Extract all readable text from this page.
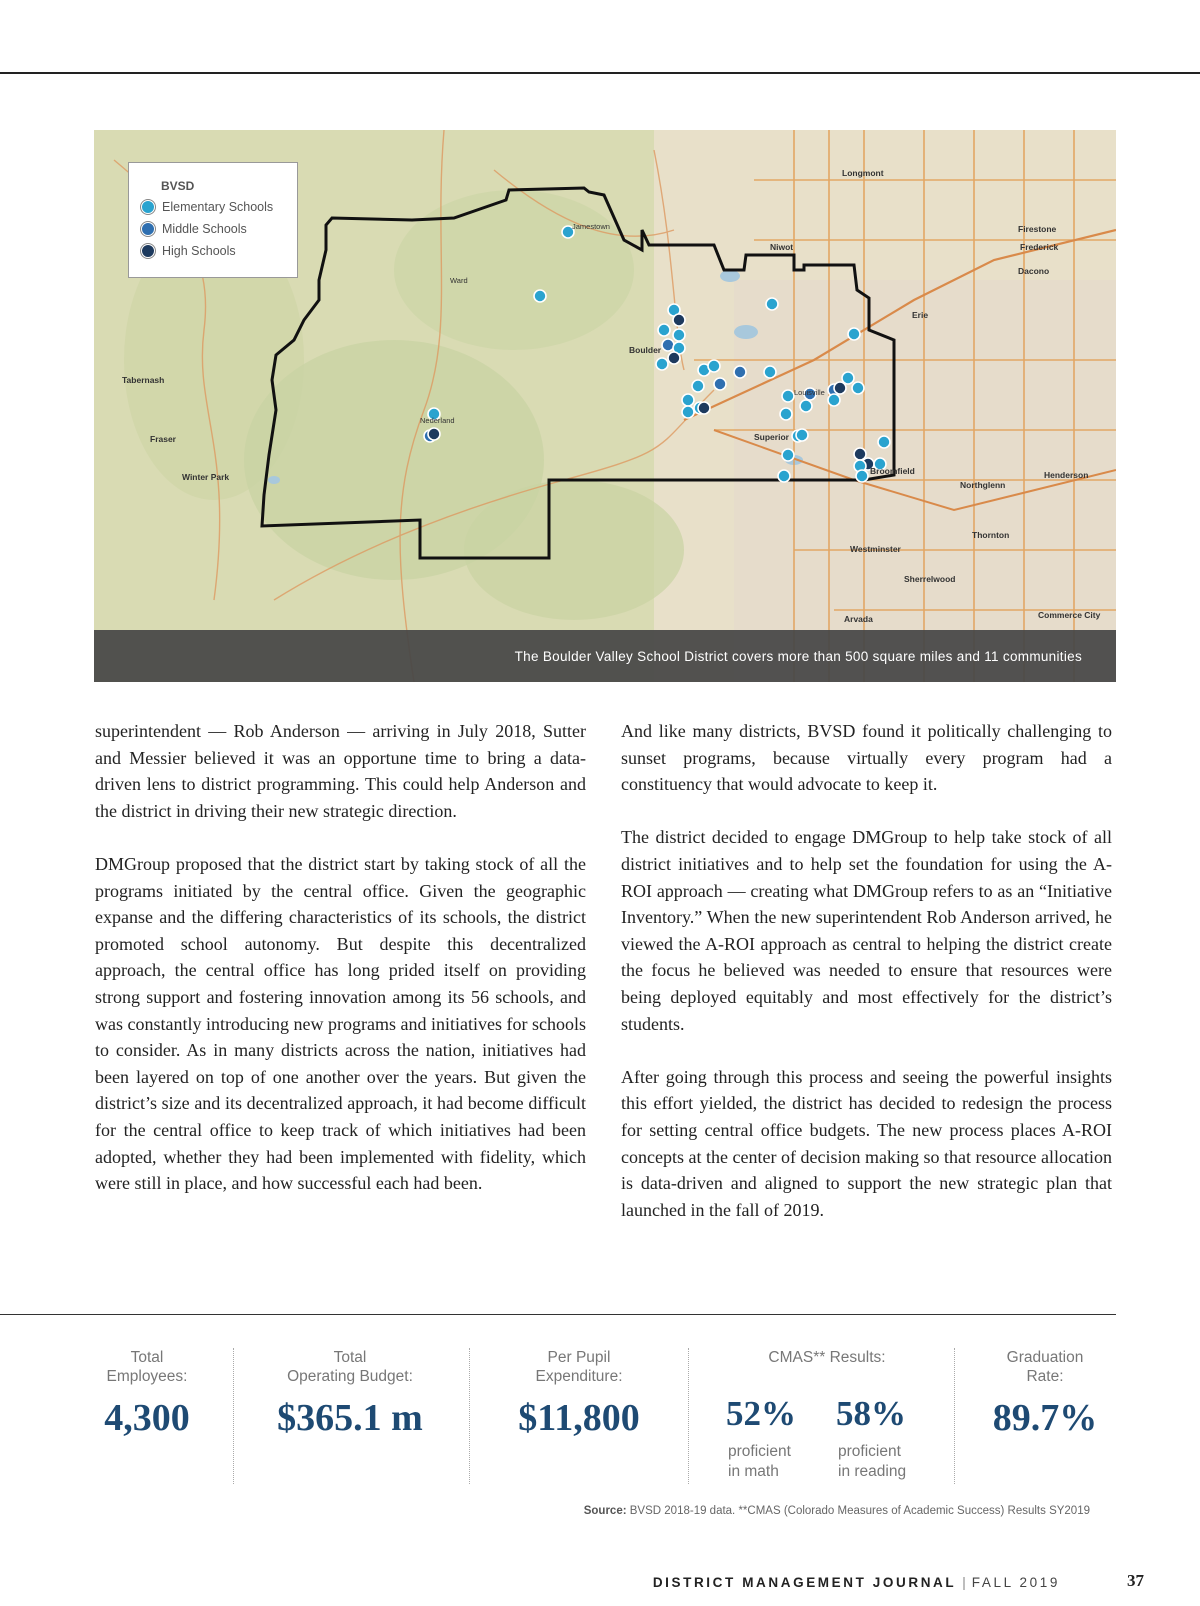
Jamestown
Ward
Boulder
Nederland
Tabernash
Fraser
Winter Park
Longmont
Niwot
Erie
Louisville
Superior
Broomfield
Northglenn
Thornton
Westminster
Arvada
Firestone
Frederick
Dacono
Henderson
Sherrelwood
Commerce City
BVSD
Elementary Schools
Middle Schools
High Schools
The Boulder Valley School District covers more than 500 square miles and 11 communities

superintendent — Rob Anderson — arriving in July 2018, Sutter and Messier believed it was an opportune time to bring a data-driven lens to district programming. This could help Anderson and the district in driving their new strategic direction.

DMGroup proposed that the district start by taking stock of all the programs initiated by the central office. Given the geographic expanse and the differing characteristics of its schools, the district promoted school autonomy. But despite this decentralized approach, the central office has long prided itself on providing strong support and fostering innovation among its 56 schools, and was constantly introducing new programs and initiatives for schools to consider. As in many districts across the nation, initiatives had been layered on top of one another over the years. But given the district’s size and its decentralized approach, it had become difficult for the central office to keep track of which initiatives had been adopted, whether they had been implemented with fidelity, which were still in place, and how successful each had been.

And like many districts, BVSD found it politically challenging to sunset programs, because virtually every program had a constituency that would advocate to keep it.

The district decided to engage DMGroup to help take stock of all district initiatives and to help set the foundation for using the A-ROI approach — creating what DMGroup refers to as an “Initiative Inventory.” When the new superintendent Rob Anderson arrived, he viewed the A-ROI approach as central to helping the district create the focus he believed was needed to ensure that resources were being deployed equitably and most effectively for the district’s students.

After going through this process and seeing the powerful insights this effort yielded, the district has decided to redesign the process for setting central office budgets. The new process places A-ROI concepts at the center of decision making so that resource allocation is data-driven and aligned to support the new strategic plan that launched in the fall of 2019.

Total
Employees:
4,300
Total
Operating Budget:
$365.1 m
Per Pupil
Expenditure:
$11,800
CMAS** Results:
52%
proficient
in math
58%
proficient
in reading
Graduation
Rate:
89.7%
Source: BVSD 2018-19 data. **CMAS (Colorado Measures of Academic Success) Results SY2019
DISTRICT MANAGEMENT JOURNAL | FALL 2019	37
